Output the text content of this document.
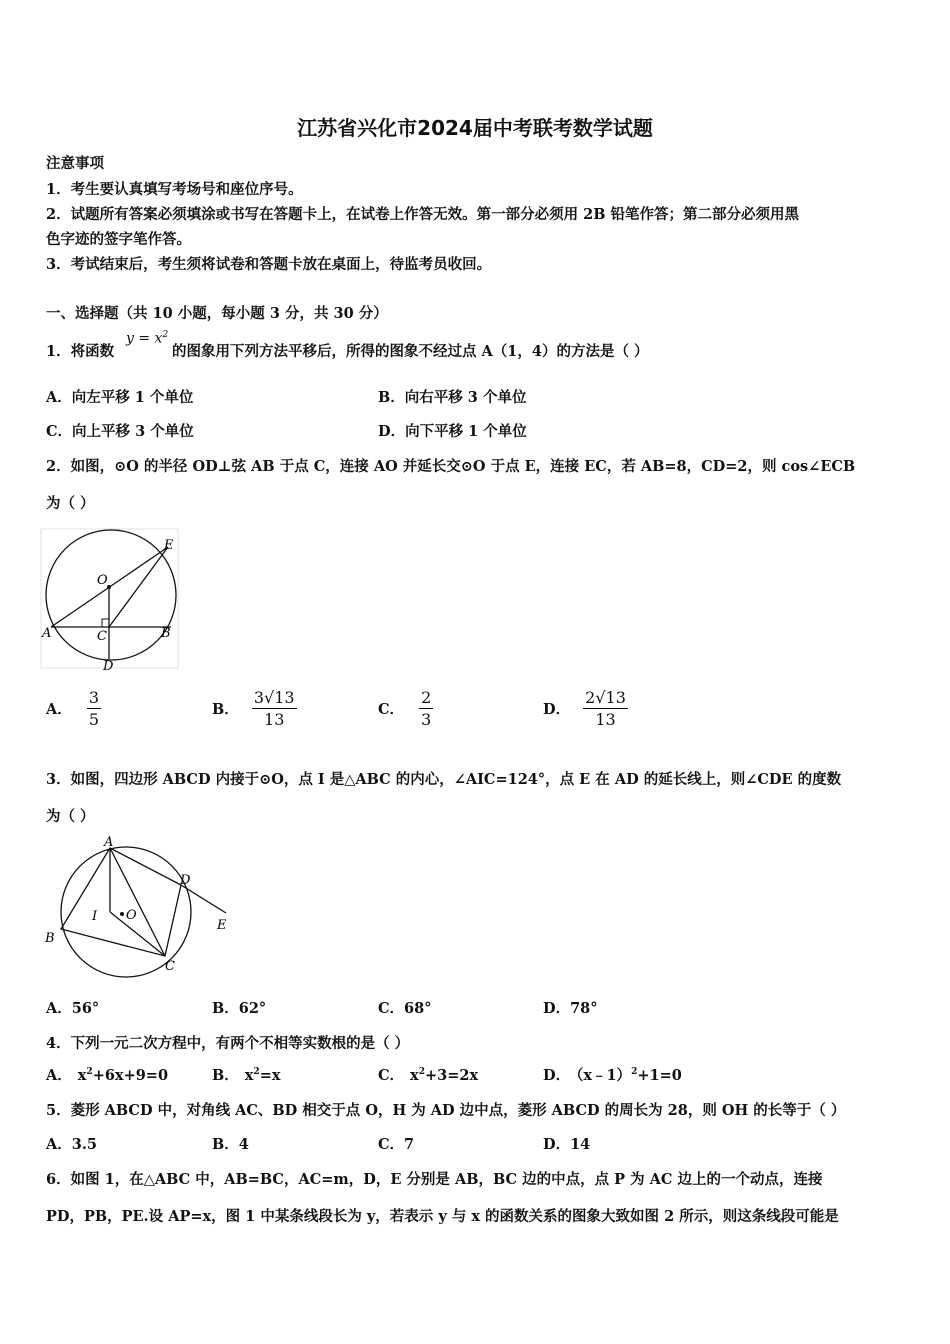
江苏省兴化市2024届中考联考数学试题
注意事项
1．考生要认真填写考场号和座位序号。
2．试题所有答案必须填涂或书写在答题卡上，在试卷上作答无效。第一部分必须用 2B 铅笔作答；第二部分必须用黑
色字迹的签字笔作答。
3．考试结束后，考生须将试卷和答题卡放在桌面上，待监考员收回。
一、选择题（共 10 小题，每小题 3 分，共 30 分）
1．将函数
$y = x^2$
的图象用下列方法平移后，所得的图象不经过点 A（1，4）的方法是（ ）
A．向左平移 1 个单位	B．向右平移 3 个单位
C．向上平移 3 个单位	D．向下平移 1 个单位
2．如图，⊙O 的半径 OD⊥弦 AB 于点 C，连接 AO 并延长交⊙O 于点 E，连接 EC，若 AB=8，CD=2，则 cos∠ECB
为（ ）
A	B
C
D
E
O
A． $\frac{3}{5}$	B． $\frac{3√13}{13}$	C． $\frac{2}{3}$	D． $\frac{2√13}{13}$
3．如图，四边形 ABCD 内接于⊙O，点 I 是△ABC 的内心，∠AIC=124°，点 E 在 AD 的延长线上，则∠CDE 的度数
为（ ）
A
B
C
D
E
O
I
A．56°	B．62°	C．68°	D．78°
4．下列一元二次方程中，有两个不相等实数根的是（ ）
A． $x^2+6x+9=0$	B． $x^2=x$	C． $x^2+3=2x$	D． （x﹣1）$^2$+1=0
5．菱形 ABCD 中，对角线 AC、BD 相交于点 O，H 为 AD 边中点，菱形 ABCD 的周长为 28，则 OH 的长等于（ ）
A．3.5	B．4	C．7	D．14
6．如图 1，在△ABC 中，AB=BC，AC=m，D，E 分别是 AB，BC 边的中点，点 P 为 AC 边上的一个动点，连接
PD，PB，PE.设 AP=x，图 1 中某条线段长为 y，若表示 y 与 x 的函数关系的图象大致如图 2 所示，则这条线段可能是
